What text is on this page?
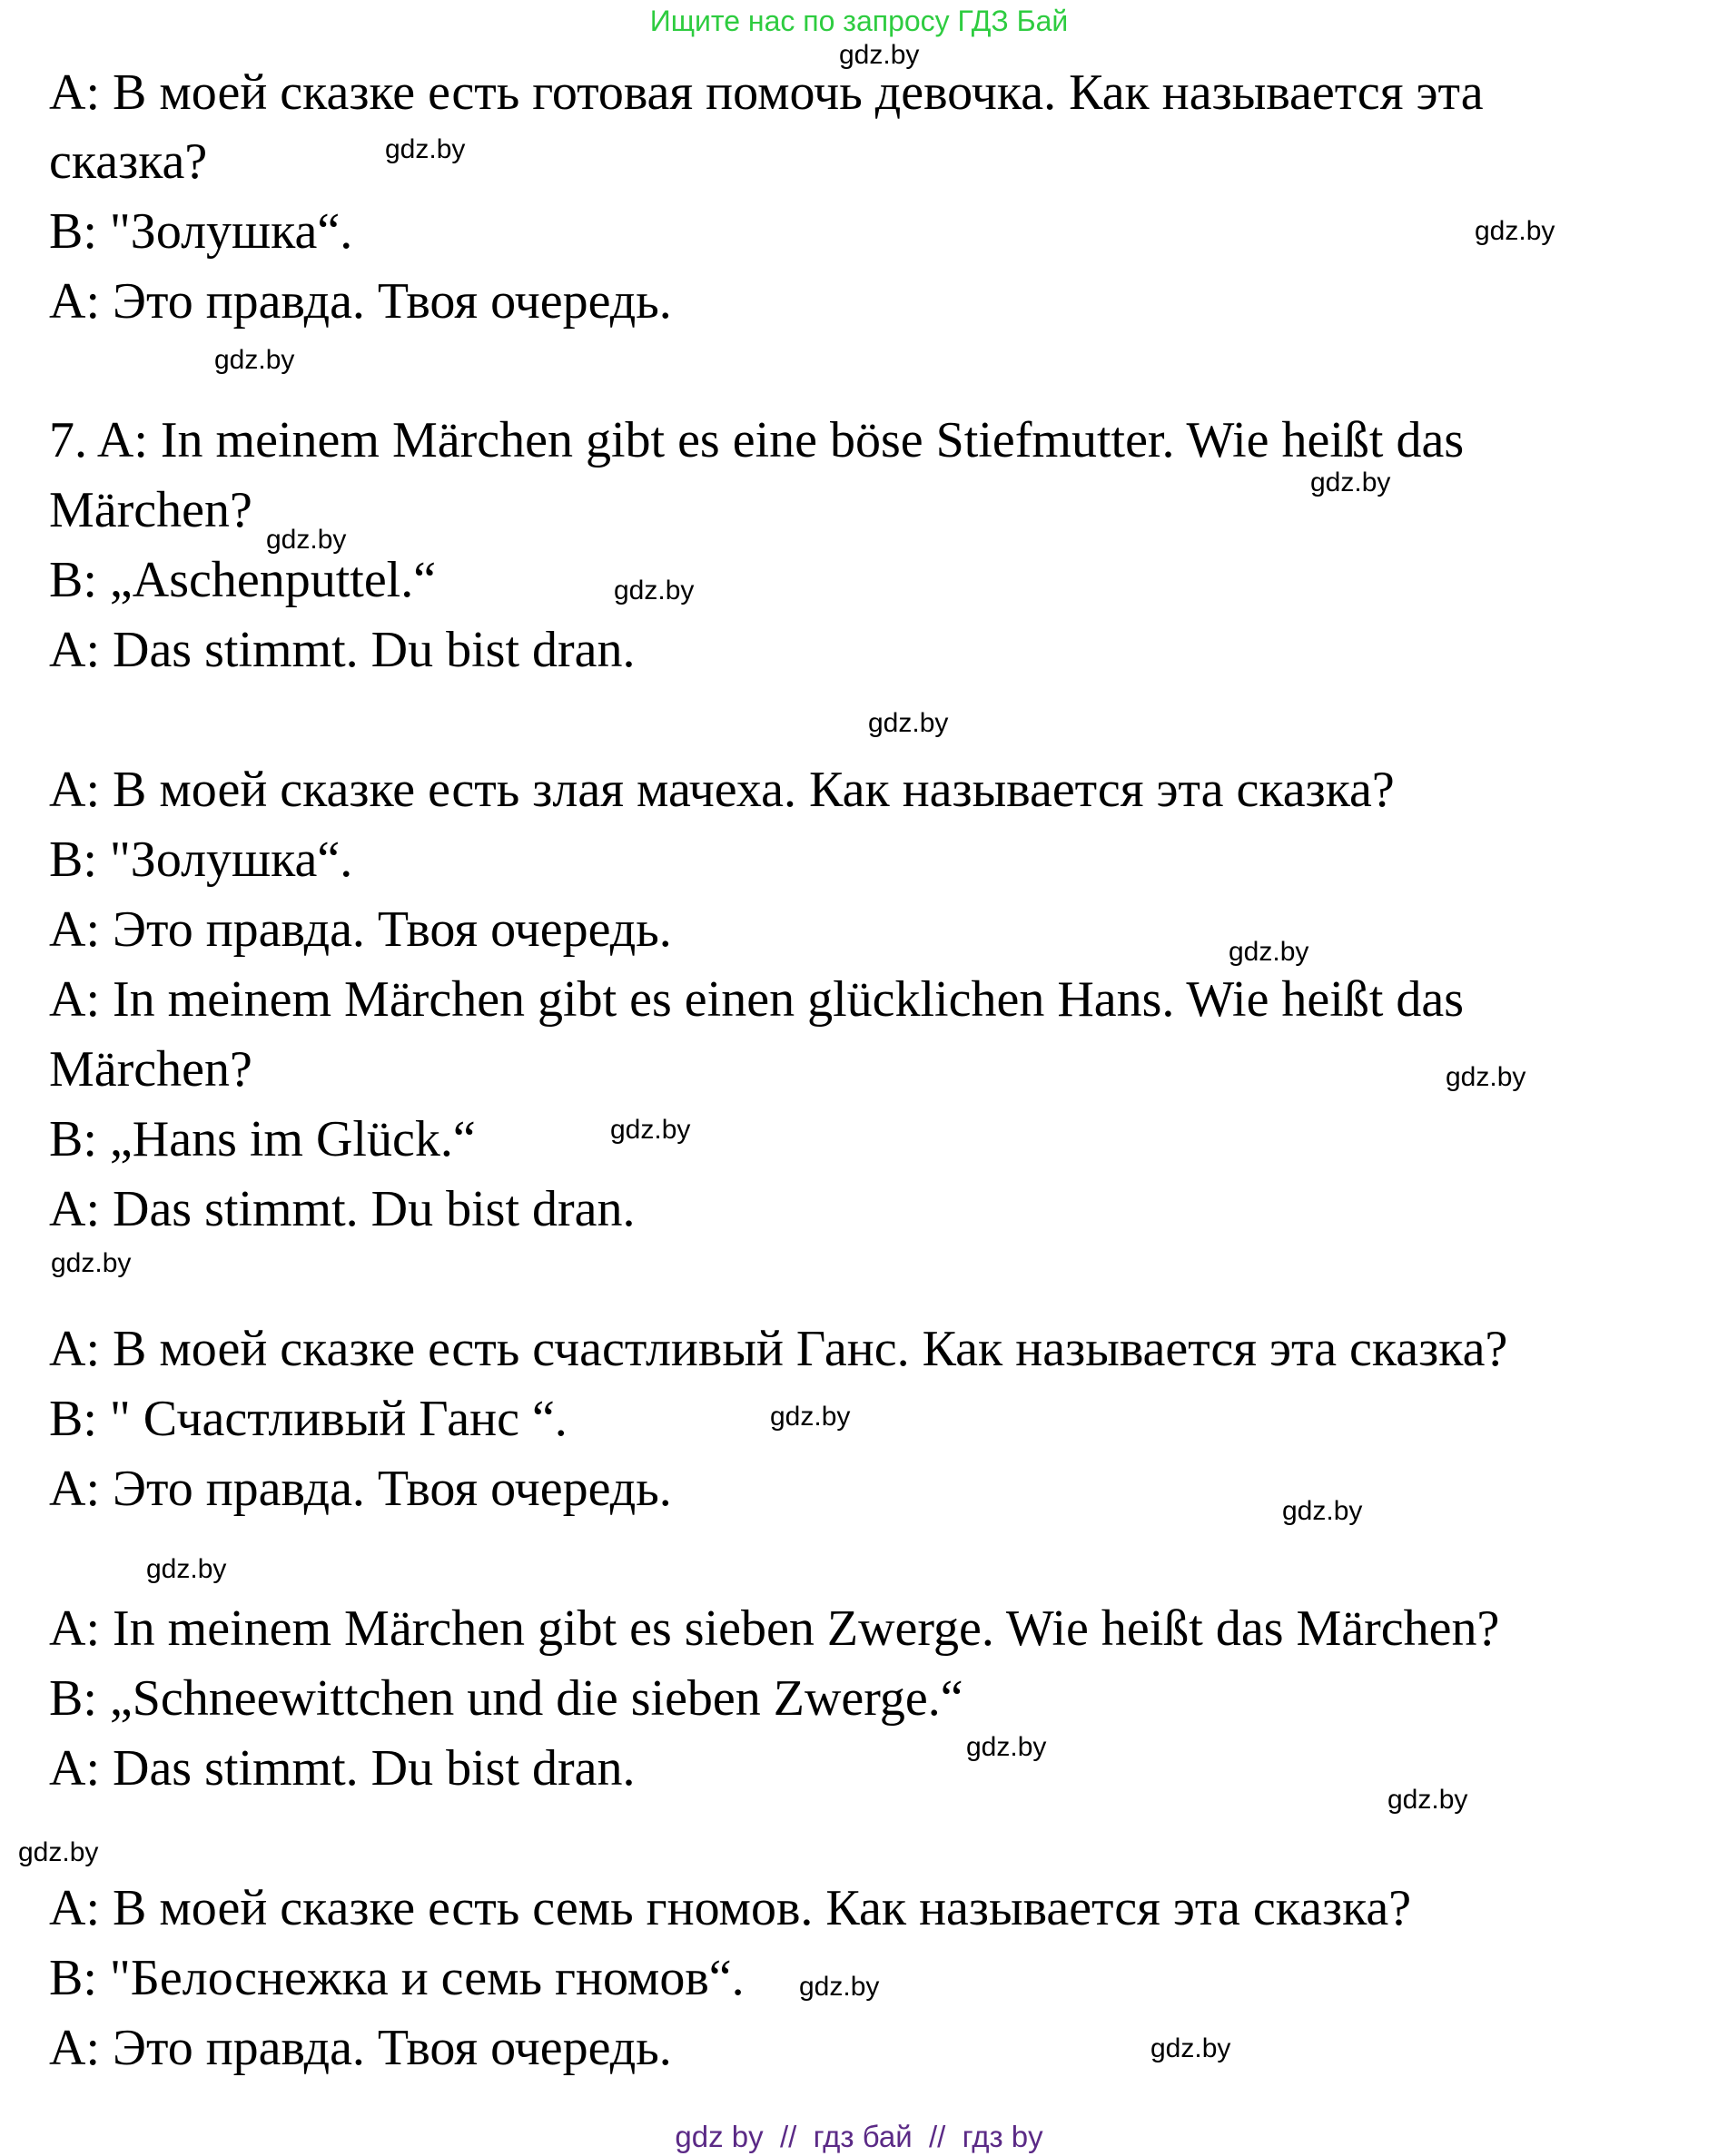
Ищите нас по запросу ГДЗ Бай
A: В моей сказке есть готовая помочь девочка. Как называется эта
сказка?
B: "Золушка“.
A: Это правда. Твоя очередь.
7. A: In meinem Märchen gibt es eine böse Stiefmutter. Wie heißt das
Märchen?
B: „Aschenputtel.“
A: Das stimmt. Du bist dran.
A: В моей сказке есть злая мачеха. Как называется эта сказка?
B: "Золушка“.
A: Это правда. Твоя очередь.
A: In meinem Märchen gibt es einen glücklichen Hans. Wie heißt das
Märchen?
B: „Hans im Glück.“
A: Das stimmt. Du bist dran.
A: В моей сказке есть счастливый Ганс. Как называется эта сказка?
B: " Счастливый Ганс “.
A: Это правда. Твоя очередь.
A: In meinem Märchen gibt es sieben Zwerge. Wie heißt das Märchen?
B: „Schneewittchen und die sieben Zwerge.“
A: Das stimmt. Du bist dran.
A: В моей сказке есть семь гномов. Как называется эта сказка?
B: "Белоснежка и семь гномов“.
A: Это правда. Твоя очередь.
gdz.by
gdz.by
gdz.by
gdz.by
gdz.by
gdz.by
gdz.by
gdz.by
gdz.by
gdz.by
gdz.by
gdz.by
gdz.by
gdz.by
gdz.by
gdz.by
gdz.by
gdz.by
gdz.by
gdz.by
gdz by  //  гдз бай  //  гдз by
